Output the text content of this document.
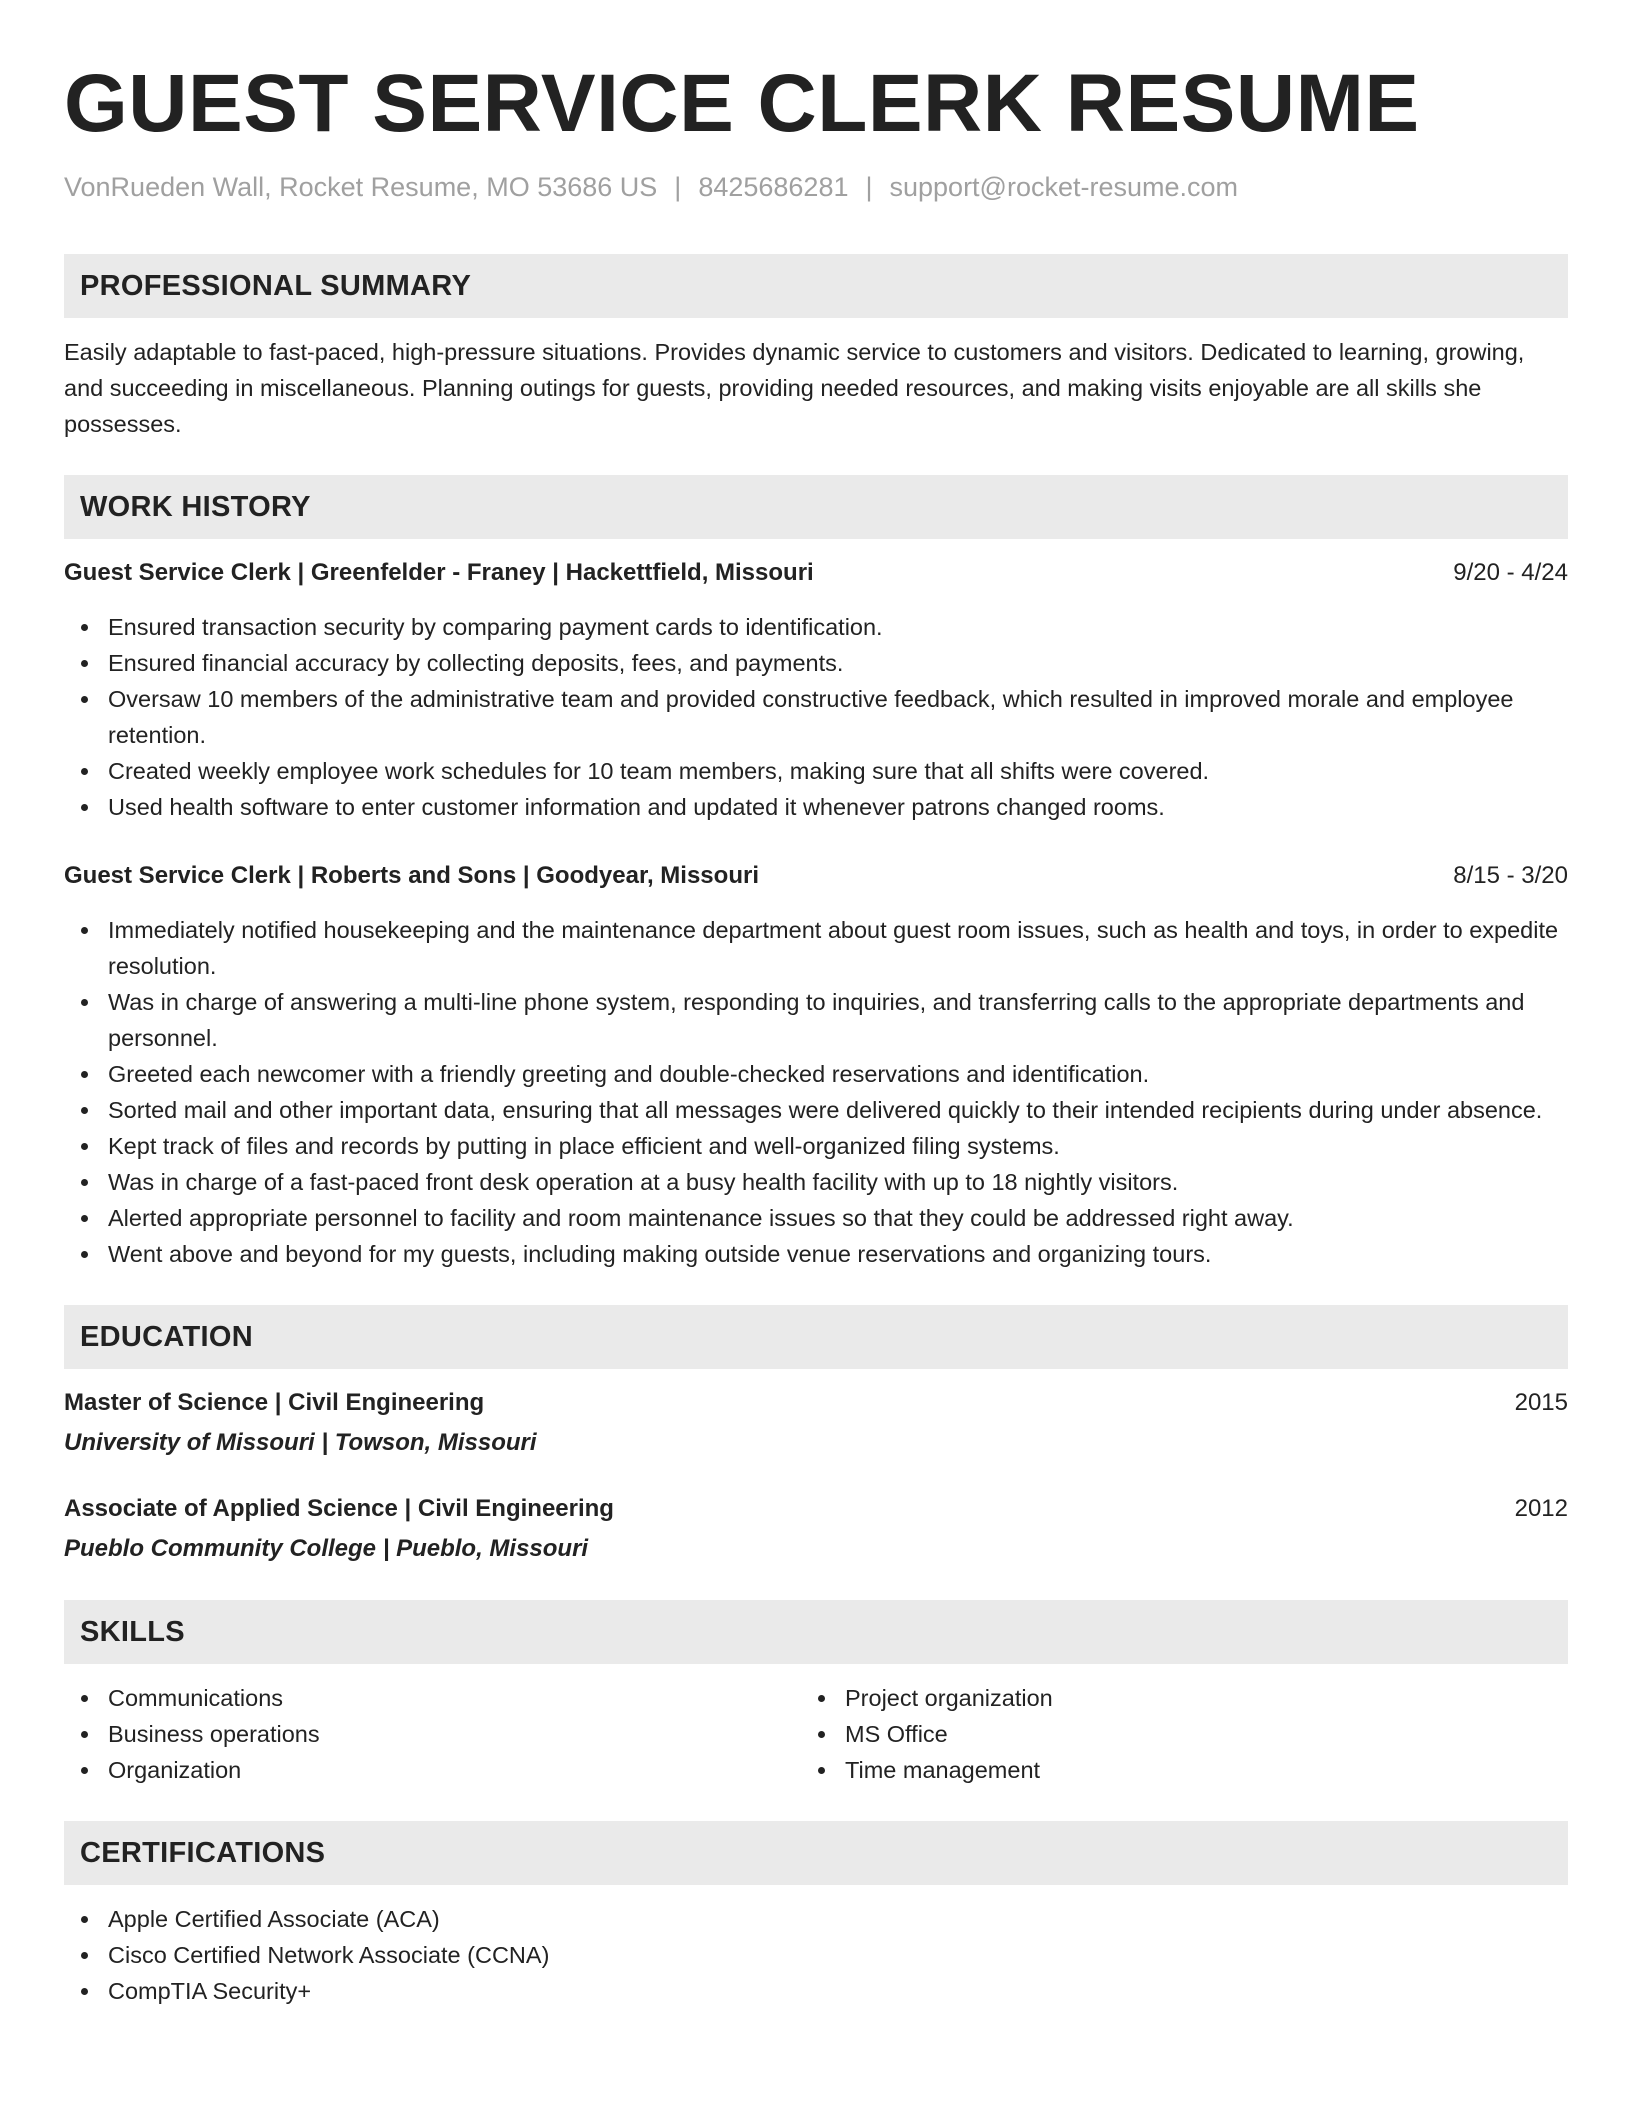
GUEST SERVICE CLERK RESUME
VonRueden Wall, Rocket Resume, MO 53686 US | 8425686281 | support@rocket-resume.com
PROFESSIONAL SUMMARY

Easily adaptable to fast-paced, high-pressure situations. Provides dynamic service to customers and visitors. Dedicated to learning, growing, and succeeding in miscellaneous. Planning outings for guests, providing needed resources, and making visits enjoyable are all skills she possesses.

WORK HISTORY
Guest Service Clerk | Greenfelder - Franey | Hackettfield, Missouri	9/20 - 4/24
Ensured transaction security by comparing payment cards to identification.
Ensured financial accuracy by collecting deposits, fees, and payments.
Oversaw 10 members of the administrative team and provided constructive feedback, which resulted in improved morale and employee retention.
Created weekly employee work schedules for 10 team members, making sure that all shifts were covered.
Used health software to enter customer information and updated it whenever patrons changed rooms.
Guest Service Clerk | Roberts and Sons | Goodyear, Missouri	8/15 - 3/20
Immediately notified housekeeping and the maintenance department about guest room issues, such as health and toys, in order to expedite resolution.
Was in charge of answering a multi-line phone system, responding to inquiries, and transferring calls to the appropriate departments and personnel.
Greeted each newcomer with a friendly greeting and double-checked reservations and identification.
Sorted mail and other important data, ensuring that all messages were delivered quickly to their intended recipients during under absence.
Kept track of files and records by putting in place efficient and well-organized filing systems.
Was in charge of a fast-paced front desk operation at a busy health facility with up to 18 nightly visitors.
Alerted appropriate personnel to facility and room maintenance issues so that they could be addressed right away.
Went above and beyond for my guests, including making outside venue reservations and organizing tours.
EDUCATION
Master of Science | Civil Engineering	2015
University of Missouri | Towson, Missouri
Associate of Applied Science | Civil Engineering	2012
Pueblo Community College | Pueblo, Missouri
SKILLS
Communications
Business operations
Organization
Project organization
MS Office
Time management
CERTIFICATIONS
Apple Certified Associate (ACA)
Cisco Certified Network Associate (CCNA)
CompTIA Security+
